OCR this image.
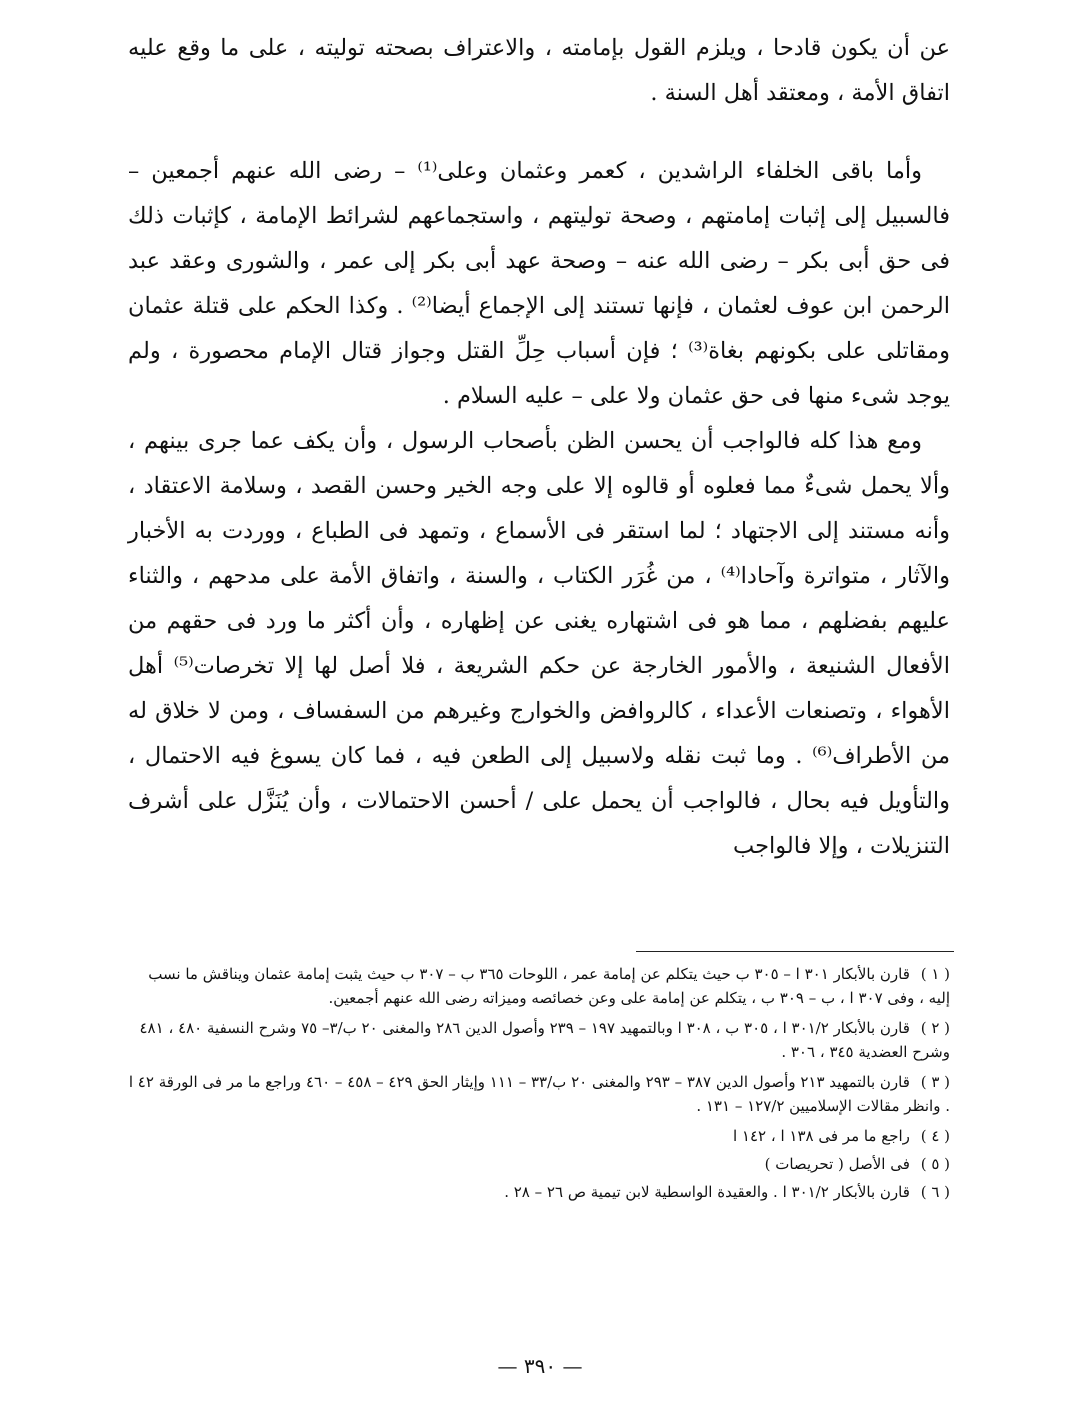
عن أن يكون قادحا ، ويلزم القول بإمامته ، والاعتراف بصحته توليته ، على ما وقع عليه اتفاق الأمة ، ومعتقد أهل السنة .

وأما باقى الخلفاء الراشدين ، كعمر وعثمان وعلى⁽¹⁾ – رضى الله عنهم أجمعين – فالسبيل إلى إثبات إمامتهم ، وصحة توليتهم ، واستجماعهم لشرائط الإمامة ، كإثبات ذلك فى حق أبى بكر – رضى الله عنه – وصحة عهد أبى بكر إلى عمر ، والشورى وعقد عبد الرحمن ابن عوف لعثمان ، فإنها تستند إلى الإجماع أيضا⁽²⁾ . وكذا الحكم على قتلة عثمان ومقاتلى على بكونهم بغاة⁽³⁾ ؛ فإن أسباب حِلِّ القتل وجواز قتال الإمام محصورة ، ولم يوجد شىء منها فى حق عثمان ولا على – عليه السلام .

ومع هذا كله فالواجب أن يحسن الظن بأصحاب الرسول ، وأن يكف عما جرى بينهم ، وألا يحمل شىءٌ مما فعلوه أو قالوه إلا على وجه الخير وحسن القصد ، وسلامة الاعتقاد ، وأنه مستند إلى الاجتهاد ؛ لما استقر فى الأسماع ، وتمهد فى الطباع ، ووردت به الأخبار والآثار ، متواترة وآحادا⁽⁴⁾ ، من غُرَر الكتاب ، والسنة ، واتفاق الأمة على مدحهم ، والثناء عليهم بفضلهم ، مما هو فى اشتهاره يغنى عن إظهاره ، وأن أكثر ما ورد فى حقهم من الأفعال الشنيعة ، والأمور الخارجة عن حكم الشريعة ، فلا أصل لها إلا تخرصات⁽⁵⁾ أهل الأهواء ، وتصنعات الأعداء ، كالروافض والخوارج وغيرهم من السفساف ، ومن لا خلاق له من الأطراف⁽⁶⁾ . وما ثبت نقله ولاسبيل إلى الطعن فيه ، فما كان يسوغ فيه الاحتمال ، والتأويل فيه بحال ، فالواجب أن يحمل على / أحسن الاحتمالات ، وأن يُنَزَّل على أشرف التنزيلات ، وإلا فالواجب

( ١ ) قارن بالأبكار ٣٠١ ا – ٣٠٥ ب حيث يتكلم عن إمامة عمر ، اللوحات ٣٦٥ ب – ٣٠٧ ب حيث يثبت إمامة عثمان ويناقش ما نسب إليه ، وفى ٣٠٧ ا ، ب – ٣٠٩ ب ، يتكلم عن إمامة على وعن خصائصه وميزاته رضى الله عنهم أجمعين.

( ٢ ) قارن بالأبكار ٣٠١/٢ ا ، ٣٠٥ ب ، ٣٠٨ ا وبالتمهيد ١٩٧ – ٢٣٩ وأصول الدين ٢٨٦ والمغنى ٢٠ ب/٣– ٧٥ وشرح النسفية ٤٨٠ ، ٤٨١ وشرح العضدية ٣٤٥ ، ٣٠٦ .

( ٣ ) قارن بالتمهيد ٢١٣ وأصول الدين ٣٨٧ – ٢٩٣ والمغنى ٢٠ ب/٣٣ – ١١١ وإيثار الحق ٤٢٩ – ٤٥٨ – ٤٦٠ وراجع ما مر فى الورقة ٤٢ ا . وانظر مقالات الإسلاميين ١٢٧/٢ – ١٣١ .

( ٤ ) راجع ما مر فى ١٣٨ ا ، ١٤٢ ا

( ٥ ) فى الأصل ( تحريصات )

( ٦ ) قارن بالأبكار ٣٠١/٢ ا . والعقيدة الواسطية لابن تيمية ص ٢٦ – ٢٨ .

— ٣٩٠ —
